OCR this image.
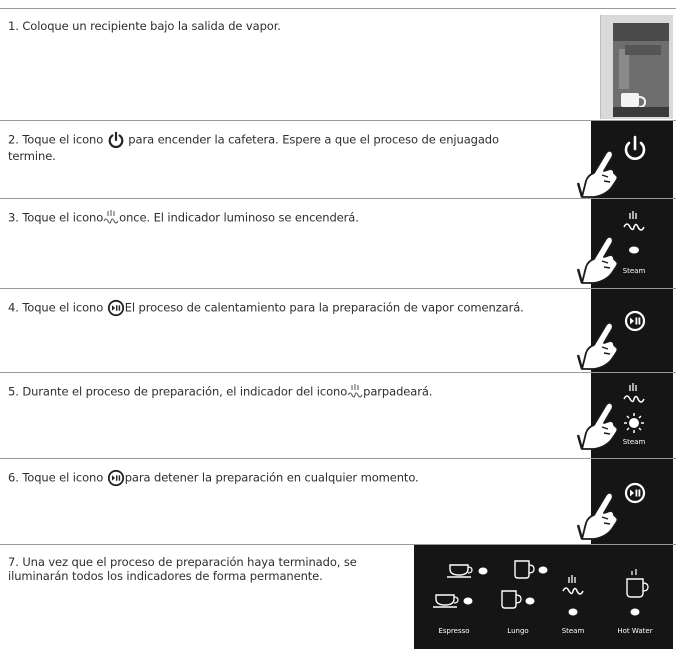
1. Coloque un recipiente bajo la salida de vapor.
2. Toque el icono para encender la cafetera. Espere a que el proceso de enjuagado termine.
3. Toque el icono once. El indicador luminoso se encenderá.
Steam
4. Toque el icono El proceso de calentamiento para la preparación de vapor comenzará.
5. Durante el proceso de preparación, el indicador del icono parpadeará.
Steam
6. Toque el icono para detener la preparación en cualquier momento.
7. Una vez que el proceso de preparación haya terminado, se iluminarán todos los indicadores de forma permanente.
Espresso	Lungo	Steam	Hot Water
